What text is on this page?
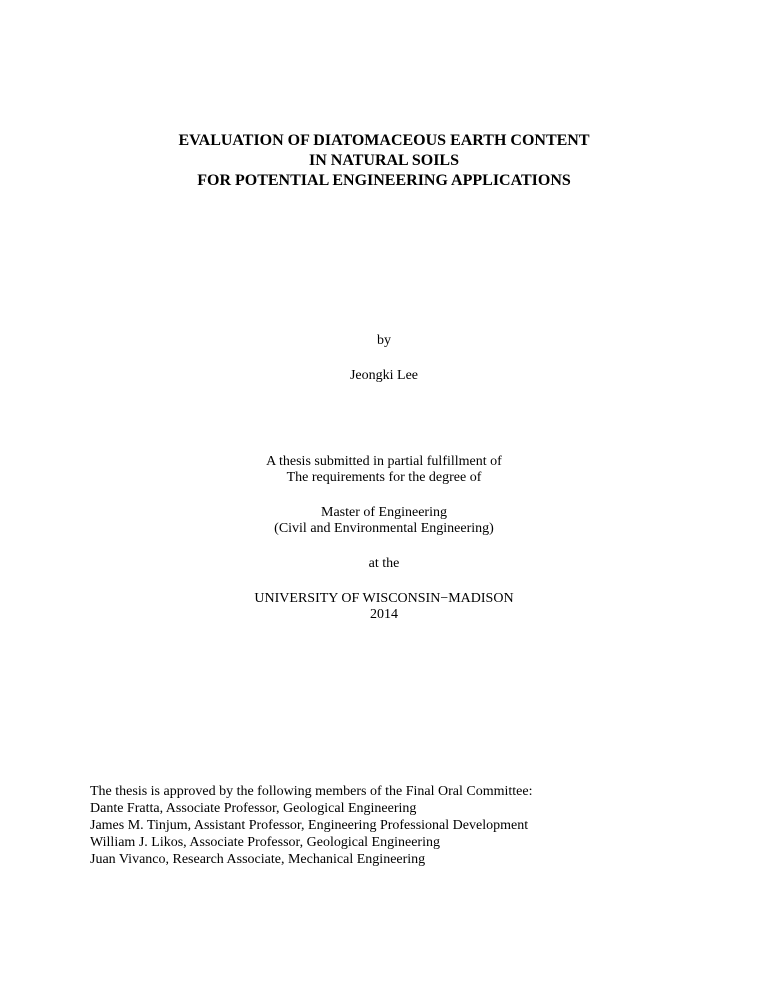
EVALUATION OF DIATOMACEOUS EARTH CONTENT
IN NATURAL SOILS
FOR POTENTIAL ENGINEERING APPLICATIONS
by
Jeongki Lee
A thesis submitted in partial fulfillment of
The requirements for the degree of
Master of Engineering
(Civil and Environmental Engineering)
at the
UNIVERSITY OF WISCONSIN−MADISON
2014
The thesis is approved by the following members of the Final Oral Committee:
Dante Fratta, Associate Professor, Geological Engineering
James M. Tinjum, Assistant Professor, Engineering Professional Development
William J. Likos, Associate Professor, Geological Engineering
Juan Vivanco, Research Associate, Mechanical Engineering
